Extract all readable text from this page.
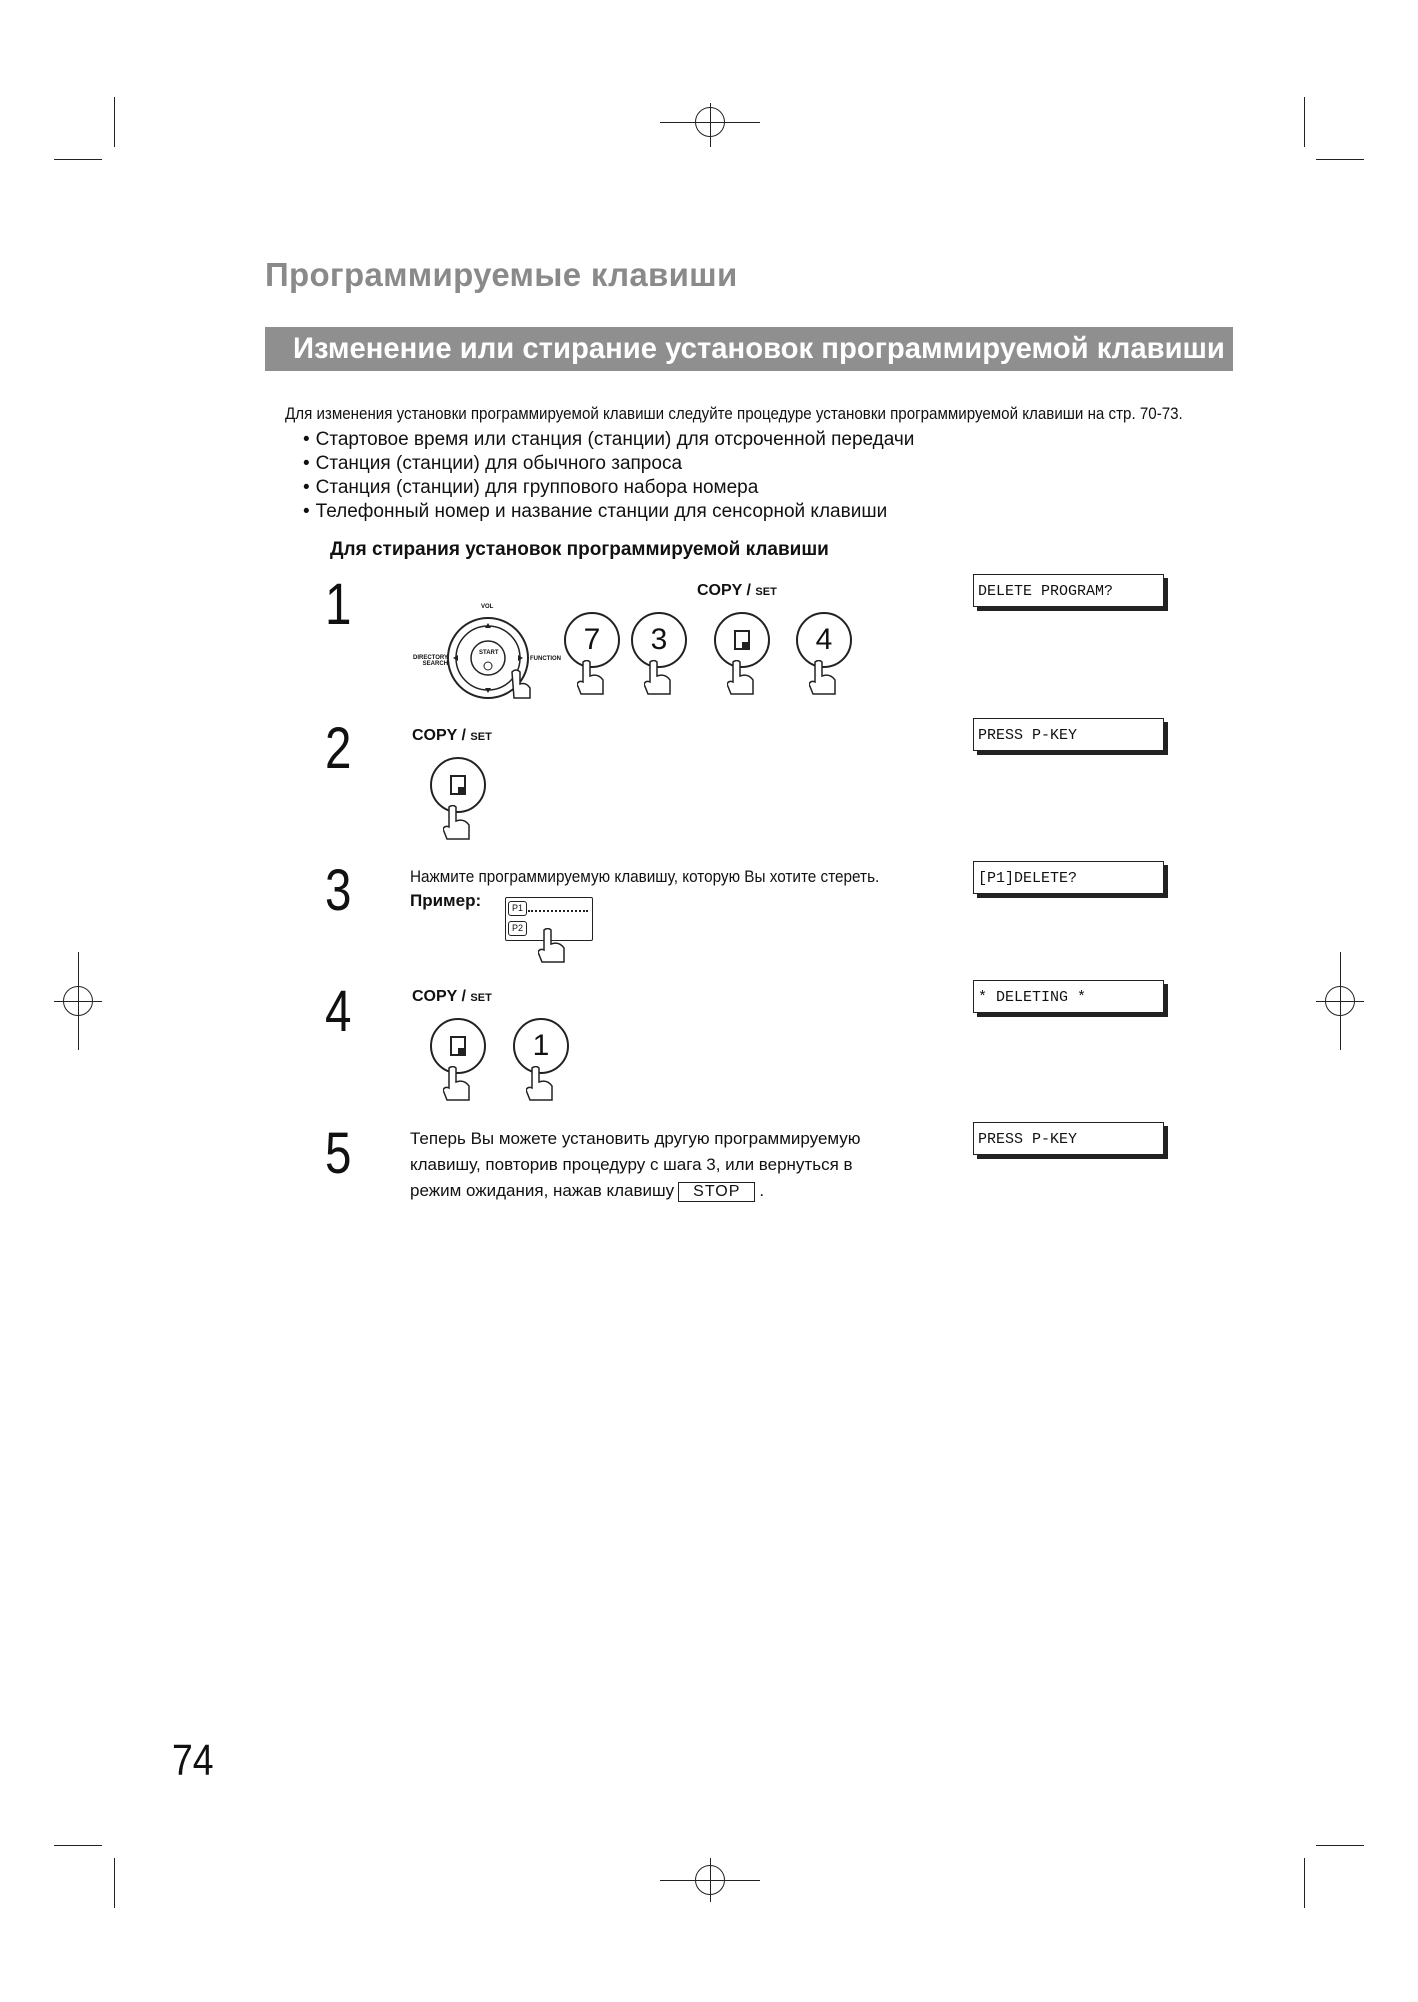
Программируемые клавиши
Изменение или стирание установок программируемой клавиши
Для изменения установки программируемой клавиши следуйте процедуре установки программируемой клавиши на стр. 70-73.
• Стартовое время или станция (станции) для отсроченной передачи
• Станция (станции) для обычного запроса
• Станция (станции) для группового набора номера
• Телефонный номер и название станции для сенсорной клавиши
Для стирания установок программируемой клавиши
1	VOL
DIRECTORY SEARCH
FUNCTION
START
COPY / SET
7	3	4
DELETE PROGRAM?
2	COPY / SET	PRESS P-KEY
3	Нажмите программируемую клавишу, которую Вы хотите стереть.
Пример:	P1
P2
[P1]DELETE?
4	COPY / SET
1
* DELETING *
5	Теперь Вы можете установить другую программируемую
клавишу, повторив процедуру с шага 3, или вернуться в
режим ожидания, нажав клавишу STOP .
PRESS P-KEY
74
